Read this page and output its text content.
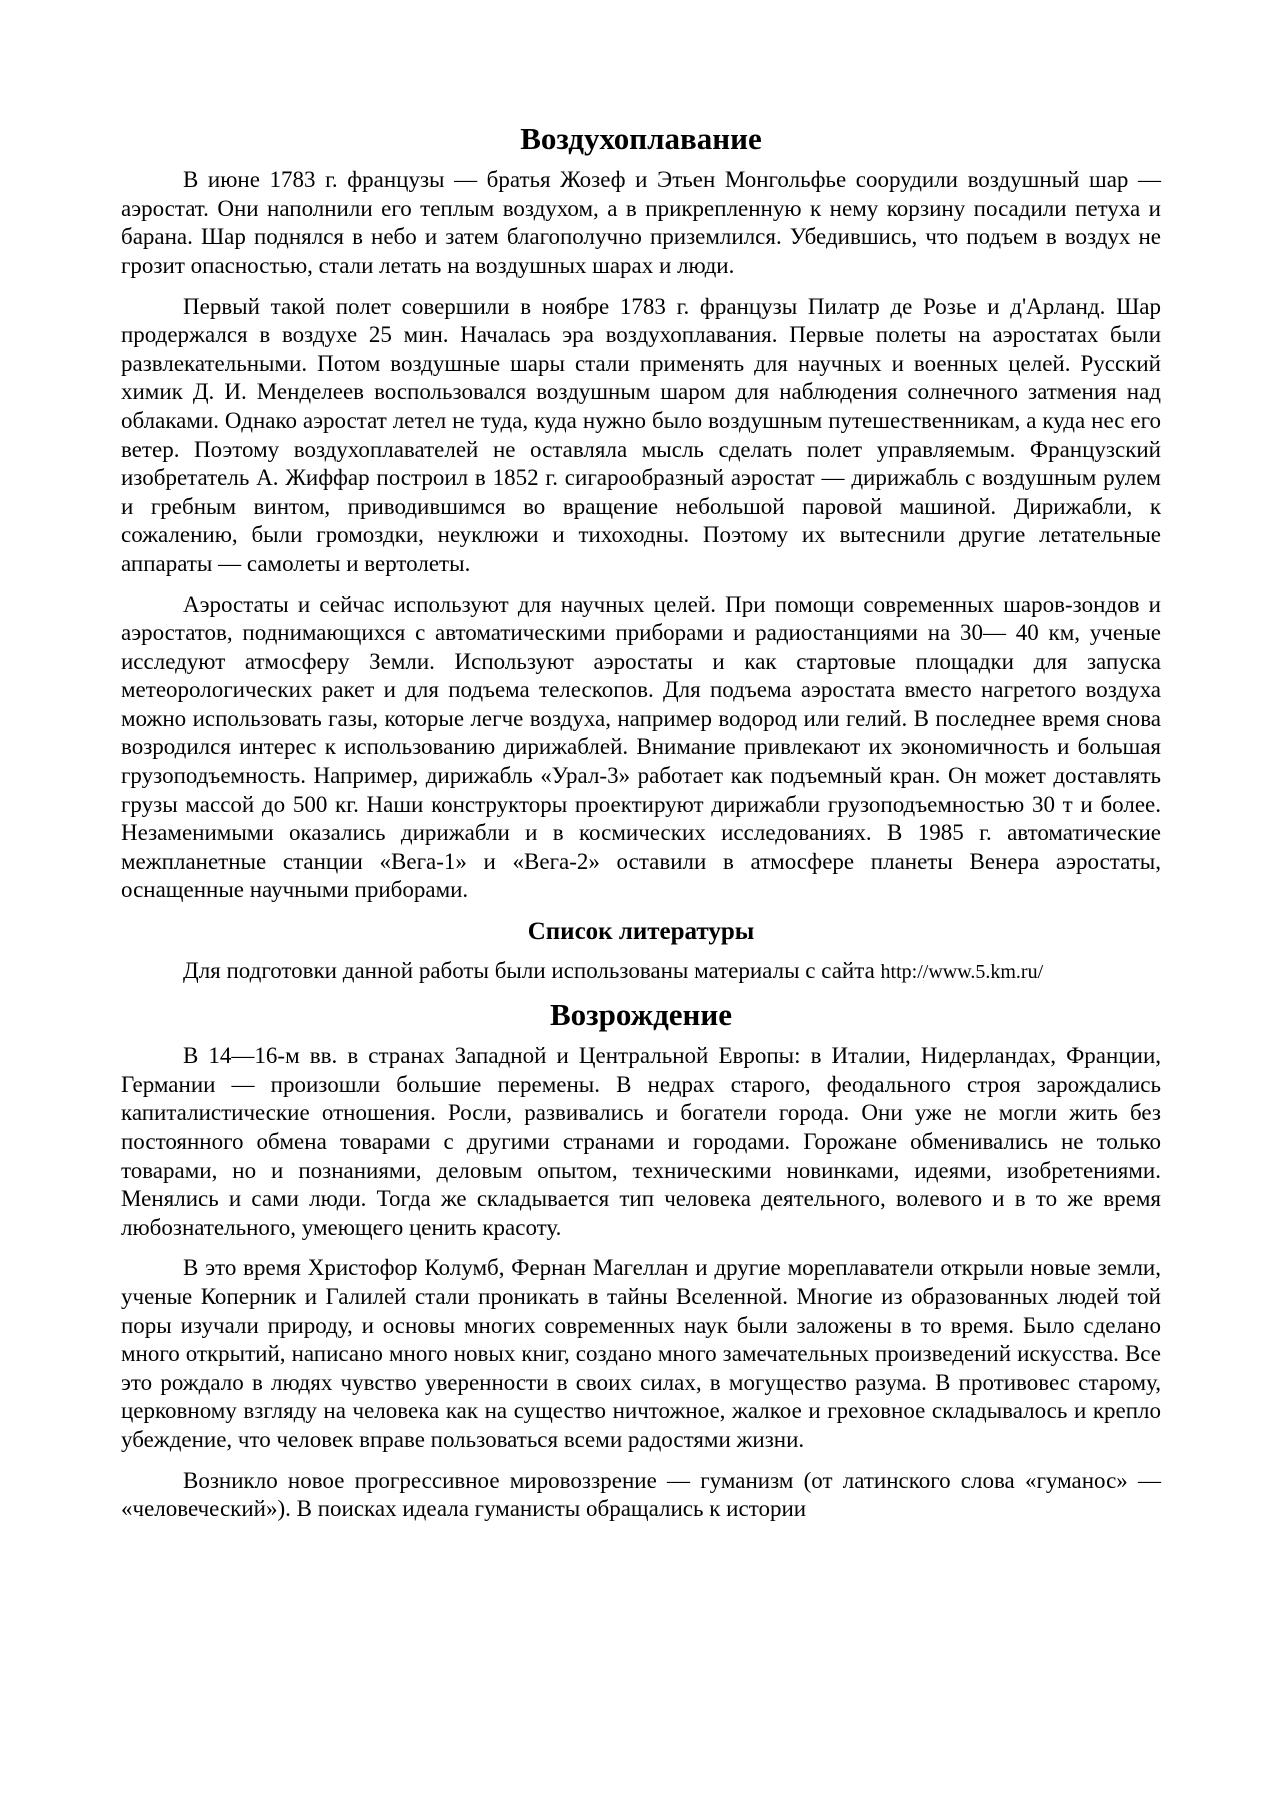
Воздухоплавание

В июне 1783 г. французы — братья Жозеф и Этьен Монгольфье соорудили воздушный шар — аэростат. Они наполнили его теплым воздухом, а в прикрепленную к нему корзину посадили петуха и барана. Шар поднялся в небо и затем благополучно приземлился. Убедившись, что подъем в воздух не грозит опасностью, стали летать на воздушных шарах и люди.

Первый такой полет совершили в ноябре 1783 г. французы Пилатр де Розье и д'Арланд. Шар продержался в воздухе 25 мин. Началась эра воздухоплавания. Первые полеты на аэростатах были развлекательными. Потом воздушные шары стали применять для научных и военных целей. Русский химик Д. И. Менделеев воспользовался воздушным шаром для наблюдения солнечного затмения над облаками. Однако аэростат летел не туда, куда нужно было воздушным путешественникам, а куда нес его ветер. Поэтому воздухоплавателей не оставляла мысль сделать полет управляемым. Французский изобретатель А. Жиффар построил в 1852 г. сигарообразный аэростат — дирижабль с воздушным рулем и гребным винтом, приводившимся во вращение небольшой паровой машиной. Дирижабли, к сожалению, были громоздки, неуклюжи и тихоходны. Поэтому их вытеснили другие летательные аппараты — самолеты и вертолеты.

Аэростаты и сейчас используют для научных целей. При помощи современных шаров-зондов и аэростатов, поднимающихся с автоматическими приборами и радиостанциями на 30— 40 км, ученые исследуют атмосферу Земли. Используют аэростаты и как стартовые площадки для запуска метеорологических ракет и для подъема телескопов. Для подъема аэростата вместо нагретого воздуха можно использовать газы, которые легче воздуха, например водород или гелий. В последнее время снова возродился интерес к использованию дирижаблей. Внимание привлекают их экономичность и большая грузоподъемность. Например, дирижабль «Урал-3» работает как подъемный кран. Он может доставлять грузы массой до 500 кг. Наши конструкторы проектируют дирижабли грузоподъемностью 30 т и более. Незаменимыми оказались дирижабли и в космических исследованиях. В 1985 г. автоматические межпланетные станции «Вега-1» и «Вега-2» оставили в атмосфере планеты Венера аэростаты, оснащенные научными приборами.

Список литературы

Для подготовки данной работы были использованы материалы с сайта http://www.5.km.ru/

Возрождение

В 14—16-м вв. в странах Западной и Центральной Европы: в Италии, Нидерландах, Франции, Германии — произошли большие перемены. В недрах старого, феодального строя зарождались капиталистические отношения. Росли, развивались и богатели города. Они уже не могли жить без постоянного обмена товарами с другими странами и городами. Горожане обменивались не только товарами, но и познаниями, деловым опытом, техническими новинками, идеями, изобретениями. Менялись и сами люди. Тогда же складывается тип человека деятельного, волевого и в то же время любознательного, умеющего ценить красоту.

В это время Христофор Колумб, Фернан Магеллан и другие мореплаватели открыли новые земли, ученые Коперник и Галилей стали проникать в тайны Вселенной. Многие из образованных людей той поры изучали природу, и основы многих современных наук были заложены в то время. Было сделано много открытий, написано много новых книг, создано много замечательных произведений искусства. Все это рождало в людях чувство уверенности в своих силах, в могущество разума. В противовес старому, церковному взгляду на человека как на существо ничтожное, жалкое и греховное складывалось и крепло убеждение, что человек вправе пользоваться всеми радостями жизни.

Возникло новое прогрессивное мировоззрение — гуманизм (от латинского слова «гуманос» — «человеческий»). В поисках идеала гуманисты обращались к истории
